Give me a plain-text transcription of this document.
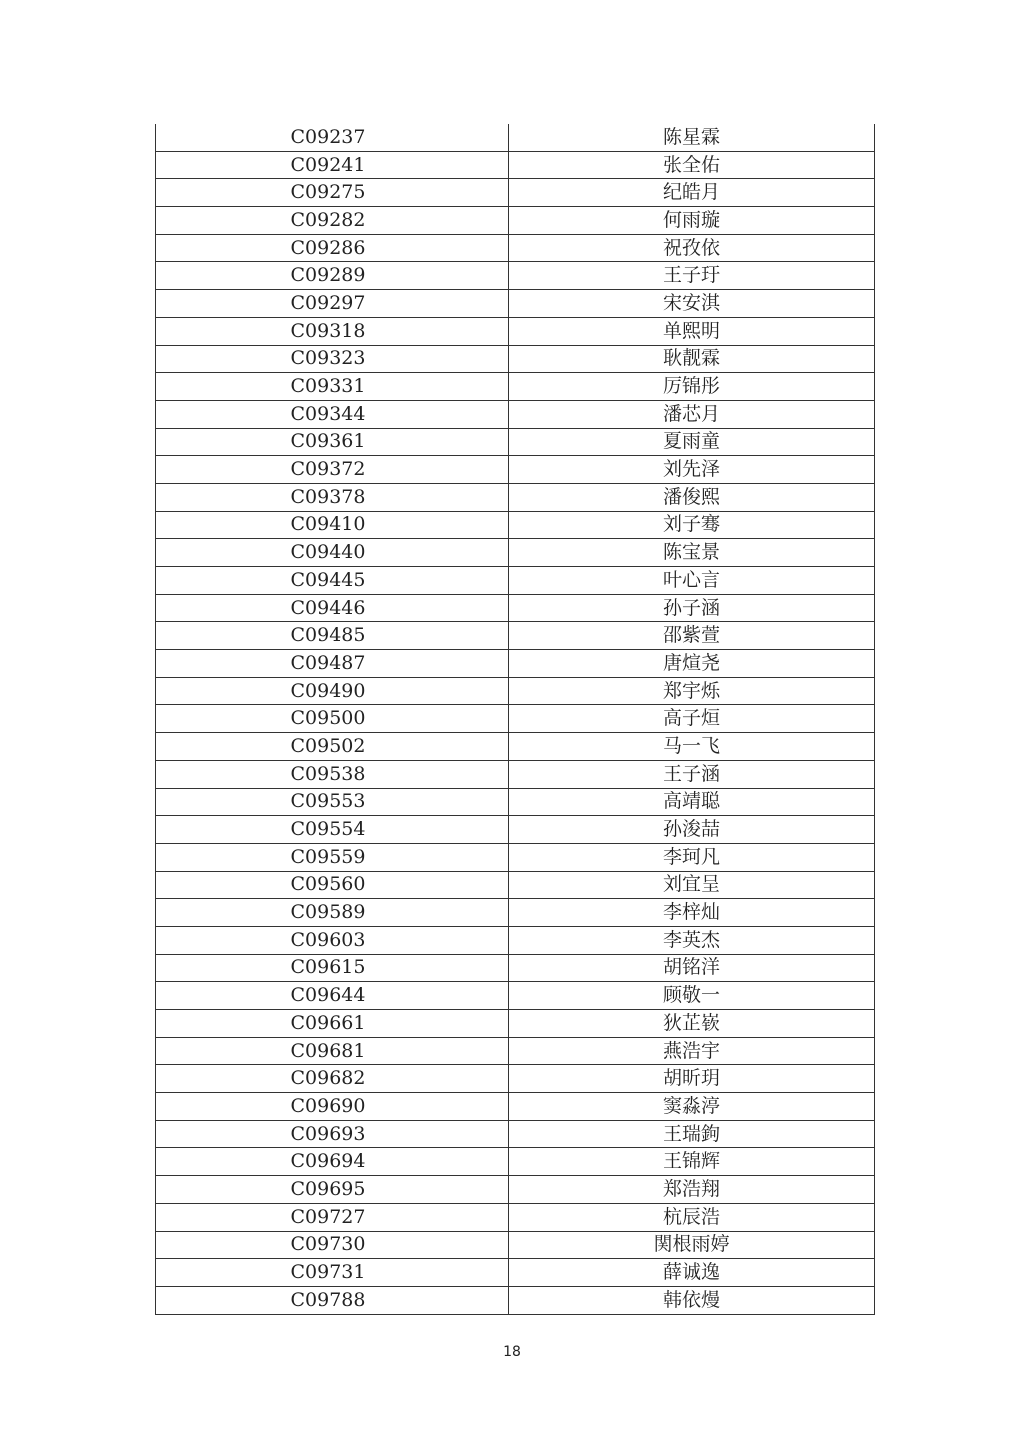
C09237	陈星霖
C09241	张全佑
C09275	纪皓月
C09282	何雨璇
C09286	祝孜依
C09289	王子玗
C09297	宋安淇
C09318	单熙明
C09323	耿靓霖
C09331	厉锦彤
C09344	潘芯月
C09361	夏雨童
C09372	刘先泽
C09378	潘俊熙
C09410	刘子骞
C09440	陈宝景
C09445	叶心言
C09446	孙子涵
C09485	邵紫萱
C09487	唐煊尧
C09490	郑宇烁
C09500	高子烜
C09502	马一飞
C09538	王子涵
C09553	高靖聪
C09554	孙浚喆
C09559	李珂凡
C09560	刘宜呈
C09589	李梓灿
C09603	李英杰
C09615	胡铭洋
C09644	顾敬一
C09661	狄芷嵚
C09681	燕浩宇
C09682	胡昕玥
C09690	窦淼渟
C09693	王瑞鉤
C09694	王锦辉
C09695	郑浩翔
C09727	杭辰浩
C09730	関根雨婷
C09731	薛诚逸
C09788	韩依熳
18
